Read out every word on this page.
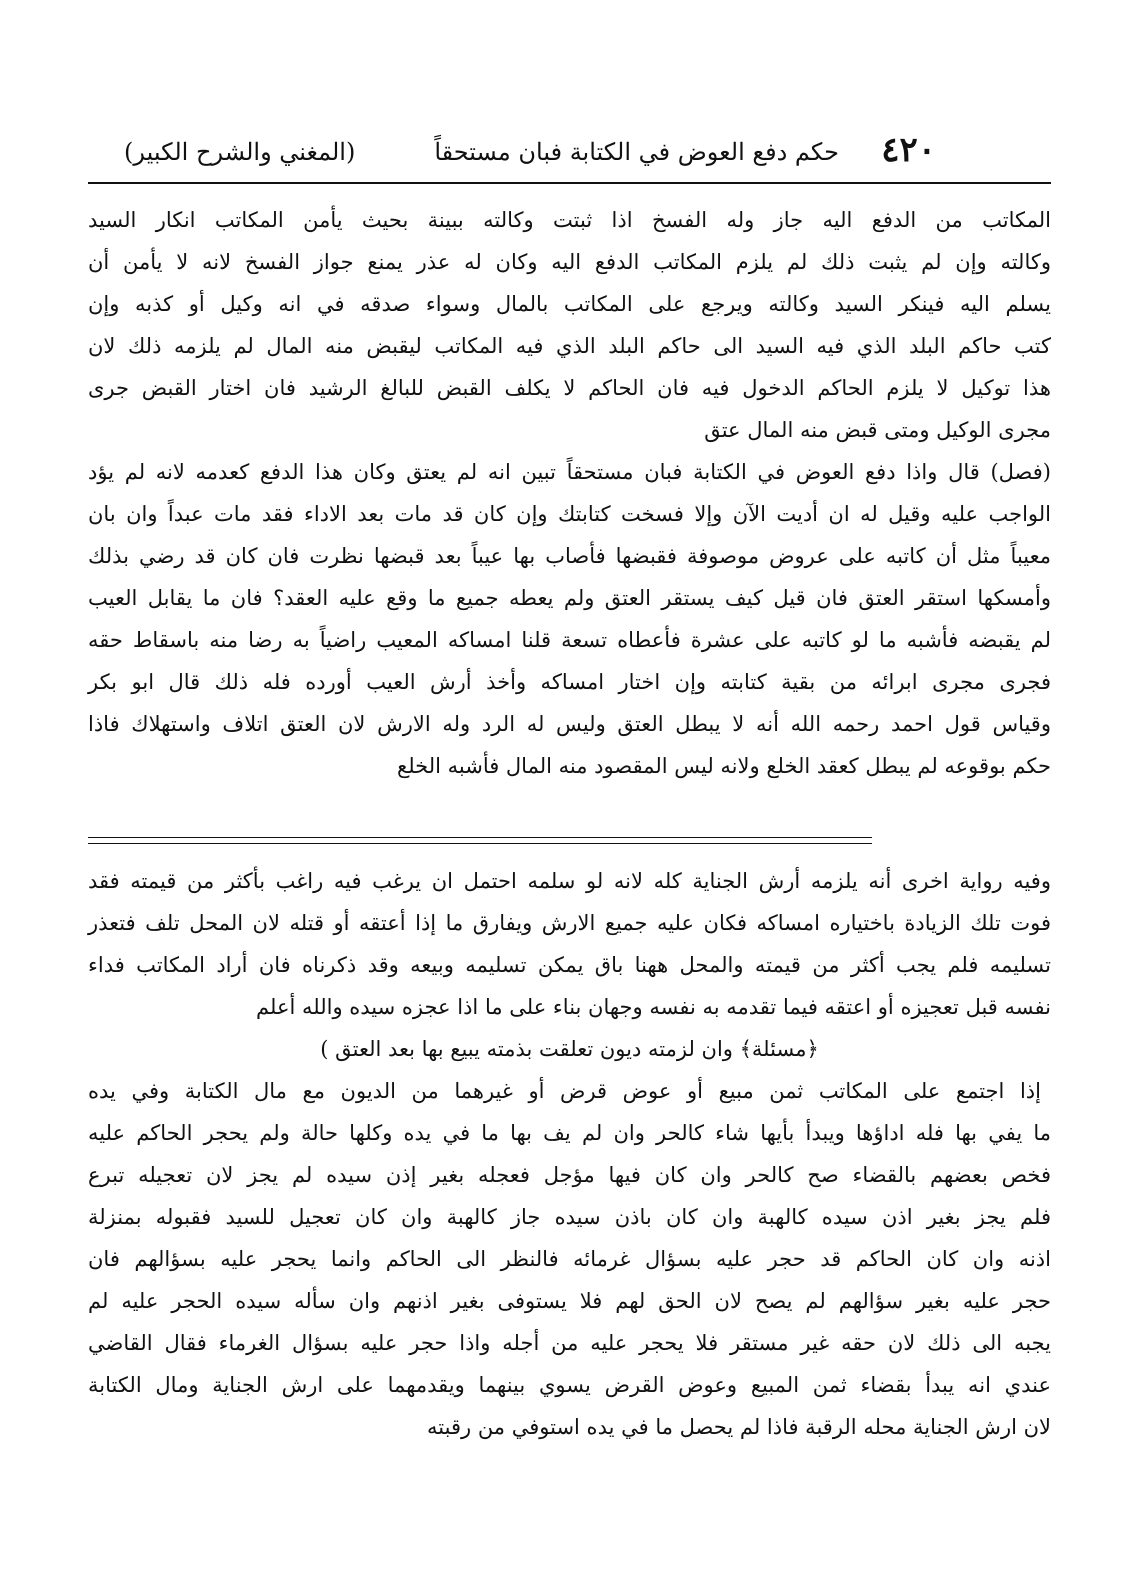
٤٢٠
حكم دفع العوض في الكتابة فبان مستحقاً
(المغني والشرح الكبير)

المكاتب من الدفع اليه جاز وله الفسخ اذا ثبتت وكالته ببينة بحيث يأمن المكاتب انكار السيد

وكالته وإن لم يثبت ذلك لم يلزم المكاتب الدفع اليه وكان له عذر يمنع جواز الفسخ لانه لا يأمن أن

يسلم اليه فينكر السيد وكالته ويرجع على المكاتب بالمال وسواء صدقه في انه وكيل أو كذبه وإن

كتب حاكم البلد الذي فيه السيد الى حاكم البلد الذي فيه المكاتب ليقبض منه المال لم يلزمه ذلك لان

هذا توكيل لا يلزم الحاكم الدخول فيه فان الحاكم لا يكلف القبض للبالغ الرشيد فان اختار القبض جرى

مجرى الوكيل ومتى قبض منه المال عتق

(فصل) قال واذا دفع العوض في الكتابة فبان مستحقاً تبين انه لم يعتق وكان هذا الدفع كعدمه لانه لم يؤد

الواجب عليه وقيل له ان أديت الآن وإلا فسخت كتابتك وإن كان قد مات بعد الاداء فقد مات عبداً وان بان

معيباً مثل أن كاتبه على عروض موصوفة فقبضها فأصاب بها عيباً بعد قبضها نظرت فان كان قد رضي بذلك

وأمسكها استقر العتق فان قيل كيف يستقر العتق ولم يعطه جميع ما وقع عليه العقد؟ فان ما يقابل العيب

لم يقبضه فأشبه ما لو كاتبه على عشرة فأعطاه تسعة قلنا امساكه المعيب راضياً به رضا منه باسقاط حقه

فجرى مجرى ابرائه من بقية كتابته وإن اختار امساكه وأخذ أرش العيب أورده فله ذلك قال ابو بكر

وقياس قول احمد رحمه الله أنه لا يبطل العتق وليس له الرد وله الارش لان العتق اتلاف واستهلاك فاذا

حكم بوقوعه لم يبطل كعقد الخلع ولانه ليس المقصود منه المال فأشبه الخلع

وفيه رواية اخرى أنه يلزمه أرش الجناية كله لانه لو سلمه احتمل ان يرغب فيه راغب بأكثر من قيمته فقد

فوت تلك الزيادة باختياره امساكه فكان عليه جميع الارش ويفارق ما إذا أعتقه أو قتله لان المحل تلف فتعذر

تسليمه فلم يجب أكثر من قيمته والمحل ههنا باق يمكن تسليمه وبيعه وقد ذكرناه فان أراد المكاتب فداء

نفسه قبل تعجيزه أو اعتقه فيما تقدمه به نفسه وجهان بناء على ما اذا عجزه سيده والله أعلم

﴿مسئلة﴾ وان لزمته ديون تعلقت بذمته يبيع بها بعد العتق )

إذا اجتمع على المكاتب ثمن مبيع أو عوض قرض أو غيرهما من الديون مع مال الكتابة وفي يده

ما يفي بها فله اداؤها ويبدأ بأيها شاء كالحر وان لم يف بها ما في يده وكلها حالة ولم يحجر الحاكم عليه

فخص بعضهم بالقضاء صح كالحر وان كان فيها مؤجل فعجله بغير إذن سيده لم يجز لان تعجيله تبرع

فلم يجز بغير اذن سيده كالهبة وان كان باذن سيده جاز كالهبة وان كان تعجيل للسيد فقبوله بمنزلة

اذنه وان كان الحاكم قد حجر عليه بسؤال غرمائه فالنظر الى الحاكم وانما يحجر عليه بسؤالهم فان

حجر عليه بغير سؤالهم لم يصح لان الحق لهم فلا يستوفى بغير اذنهم وان سأله سيده الحجر عليه لم

يجبه الى ذلك لان حقه غير مستقر فلا يحجر عليه من أجله واذا حجر عليه بسؤال الغرماء فقال القاضي

عندي انه يبدأ بقضاء ثمن المبيع وعوض القرض يسوي بينهما ويقدمهما على ارش الجناية ومال الكتابة

لان ارش الجناية محله الرقبة فاذا لم يحصل ما في يده استوفي من رقبته
